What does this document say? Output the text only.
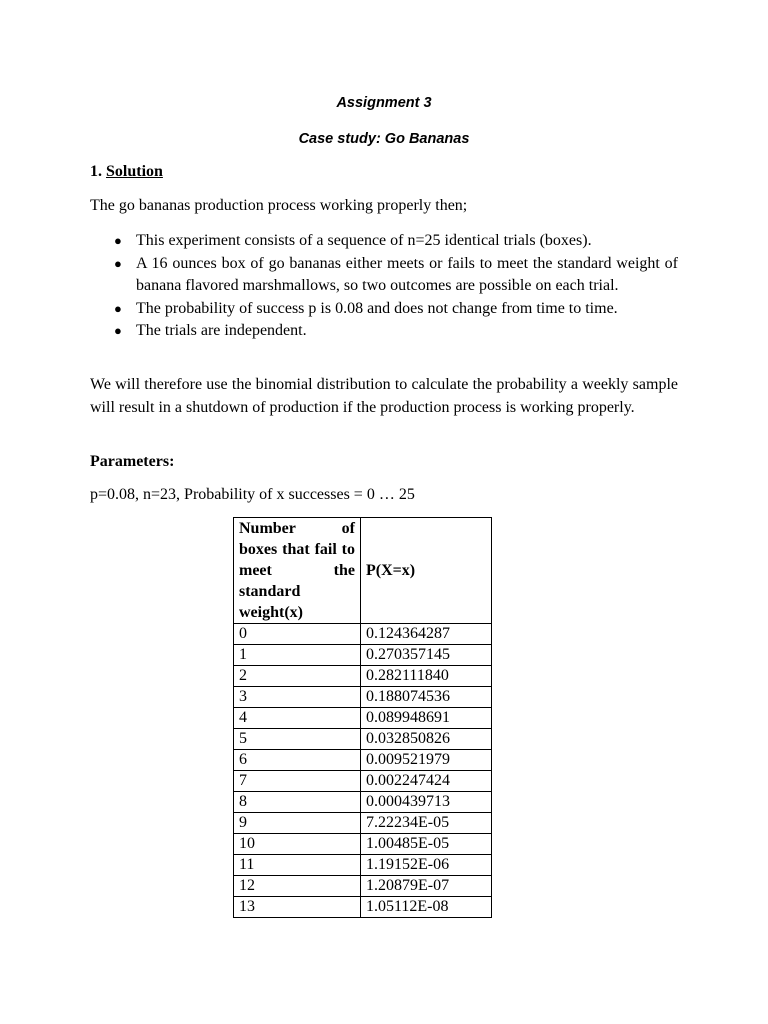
Assignment 3
Case study: Go Bananas
1. Solution
The go bananas production process working properly then;
● This experiment consists of a sequence of n=25 identical trials (boxes).
● A 16 ounces box of go bananas either meets or fails to meet the standard weight of banana flavored marshmallows, so two outcomes are possible on each trial.
● The probability of success p is 0.08 and does not change from time to time.
● The trials are independent.
We will therefore use the binomial distribution to calculate the probability a weekly sample will result in a shutdown of production if the production process is working properly.
Parameters:
p=0.08, n=23, Probability of x successes = 0 … 25
Number of boxes that fail to meet the standard weight(x)	P(X=x)
0	0.124364287
1	0.270357145
2	0.282111840
3	0.188074536
4	0.089948691
5	0.032850826
6	0.009521979
7	0.002247424
8	0.000439713
9	7.22234E-05
10	1.00485E-05
11	1.19152E-06
12	1.20879E-07
13	1.05112E-08
